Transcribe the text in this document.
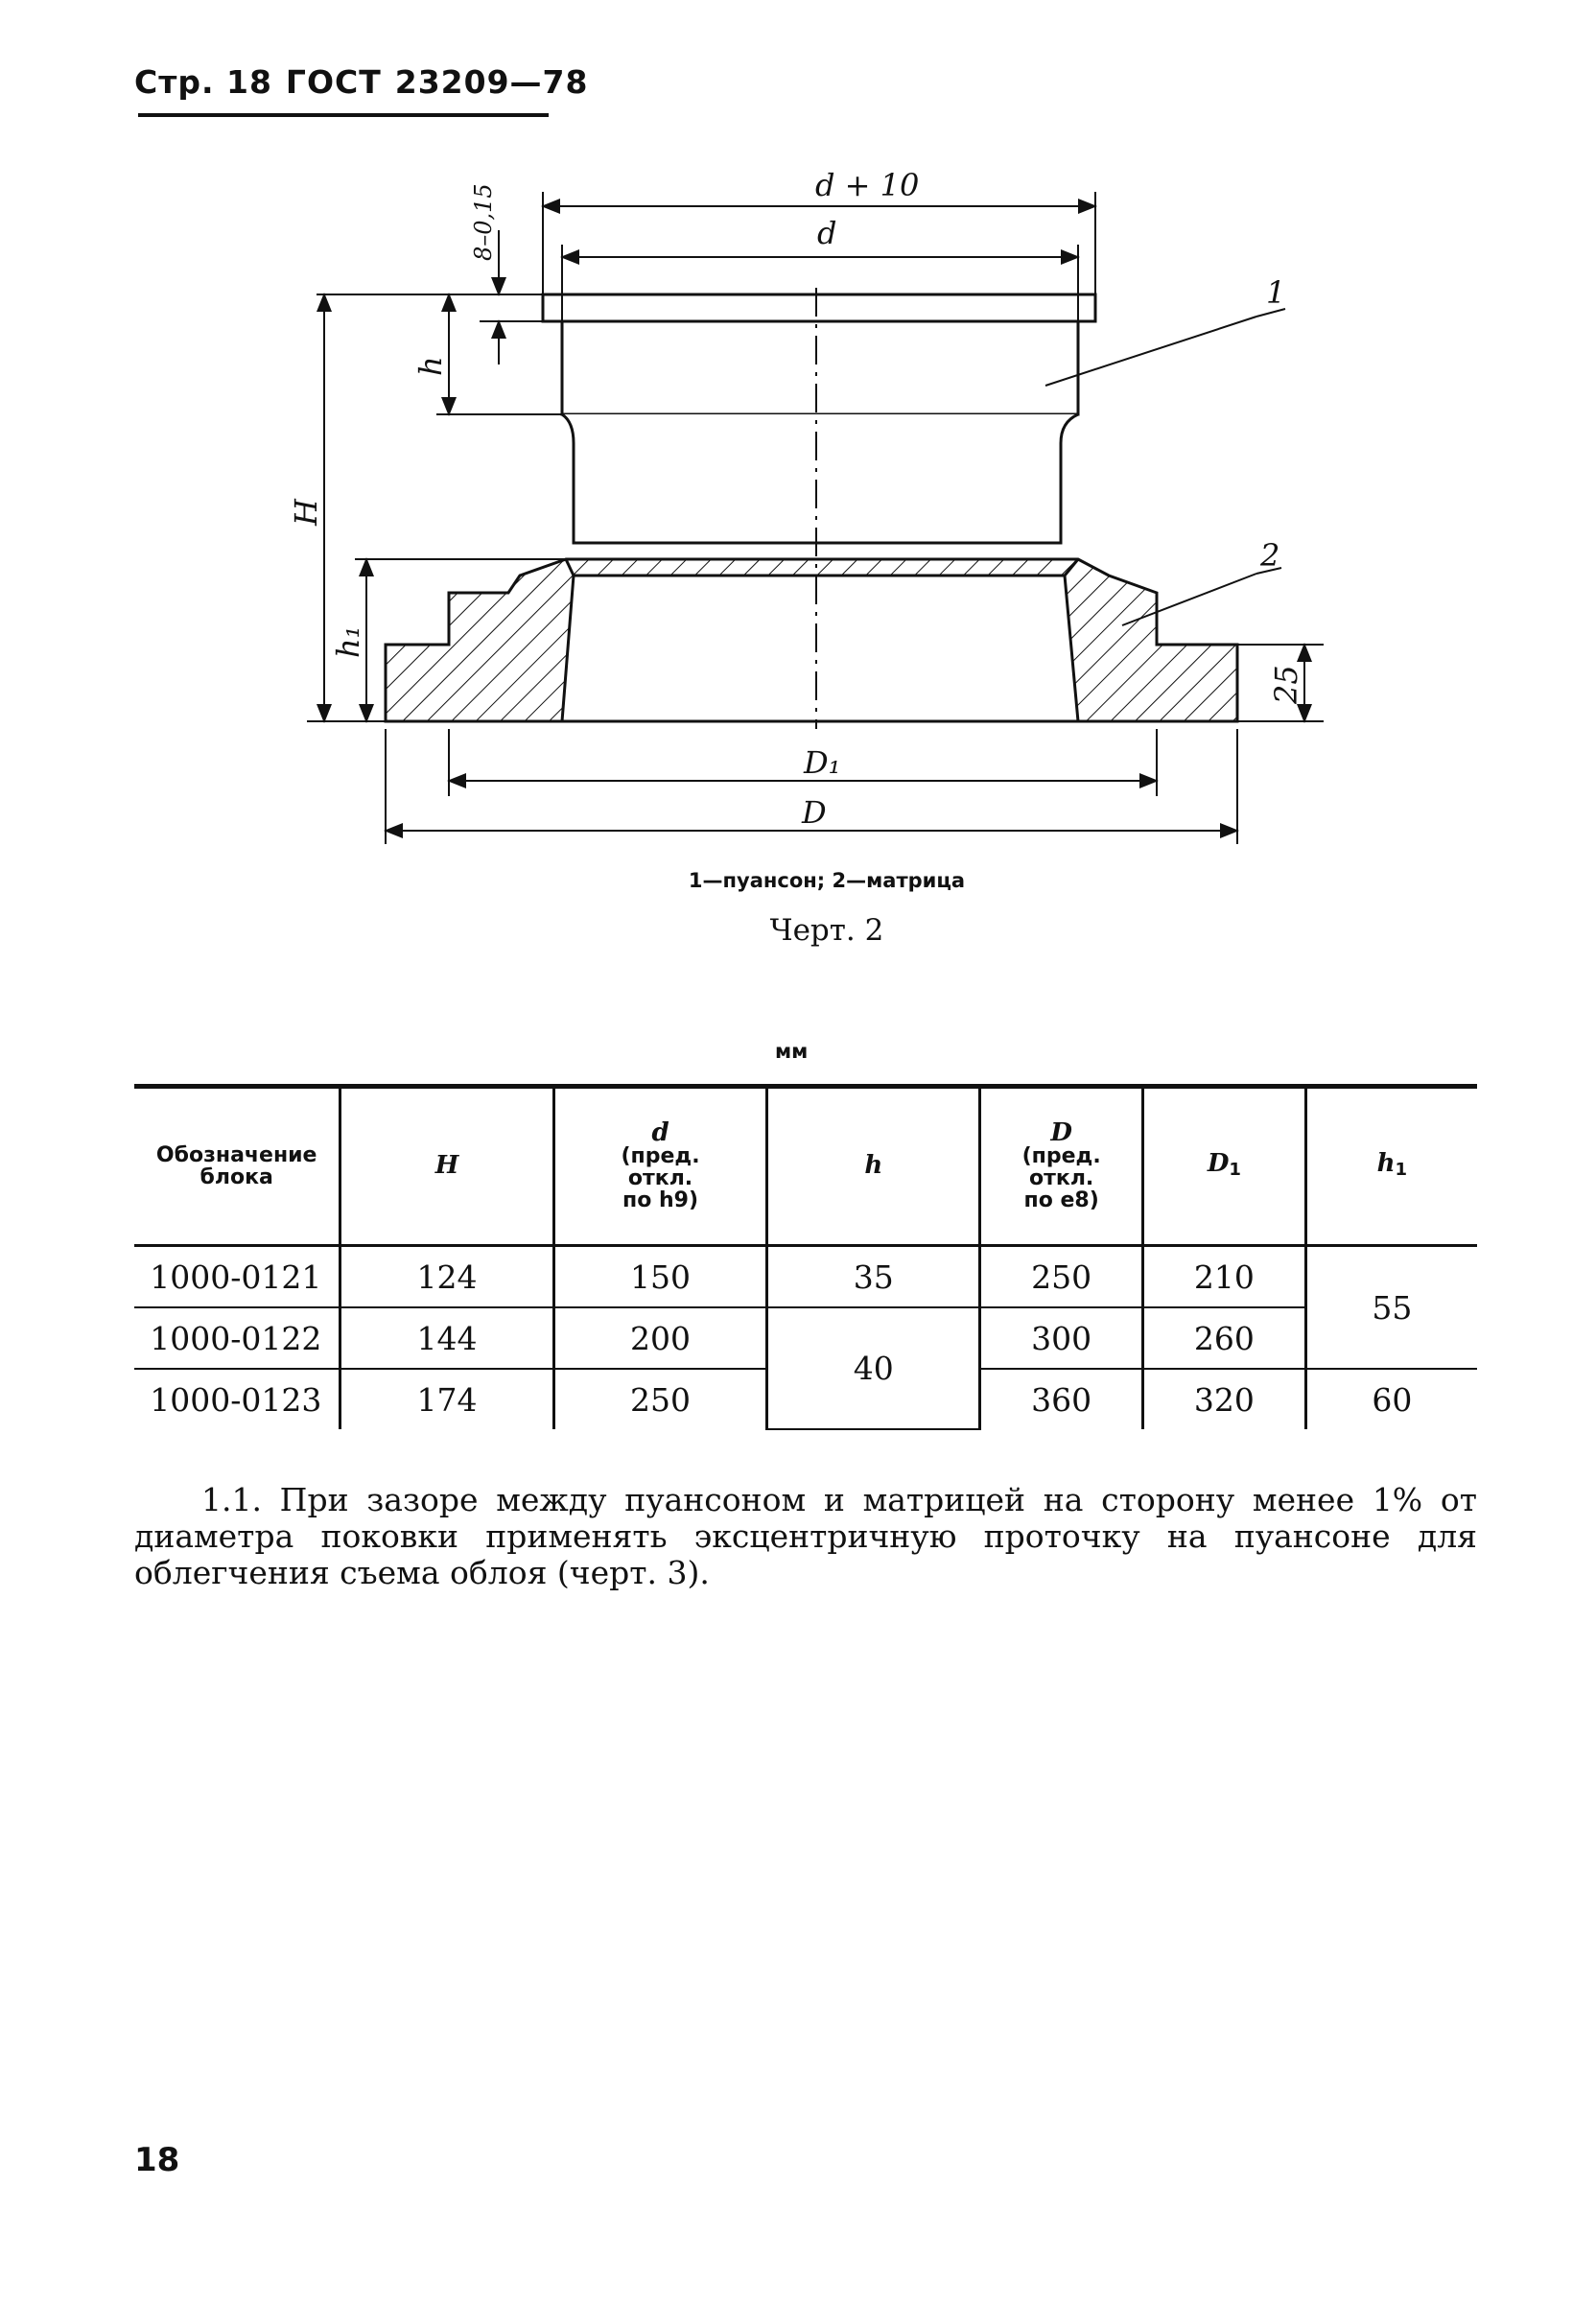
Стр. 18 ГОСТ 23209—78
d + 10
d
8–0,15
h
H
h₁
25
D₁
D
1
2
1—пуансон; 2—матрица
Черт. 2
мм
Обозначение
блока	H	d
(пред.
откл.
по h9)	h	D
(пред.
откл.
по е8)	$D_1$	$h_1$
1000-0121	124	150	35	250	210	55
1000-0122	144	200	40	300	260	
1000-0123	174	250		360	320	60
1.1. При зазоре между пуансоном и матрицей на сторону менее 1% от диаметра поковки применять эксцентричную проточку на пуансоне для облегчения съема облоя (черт. 3).
18
